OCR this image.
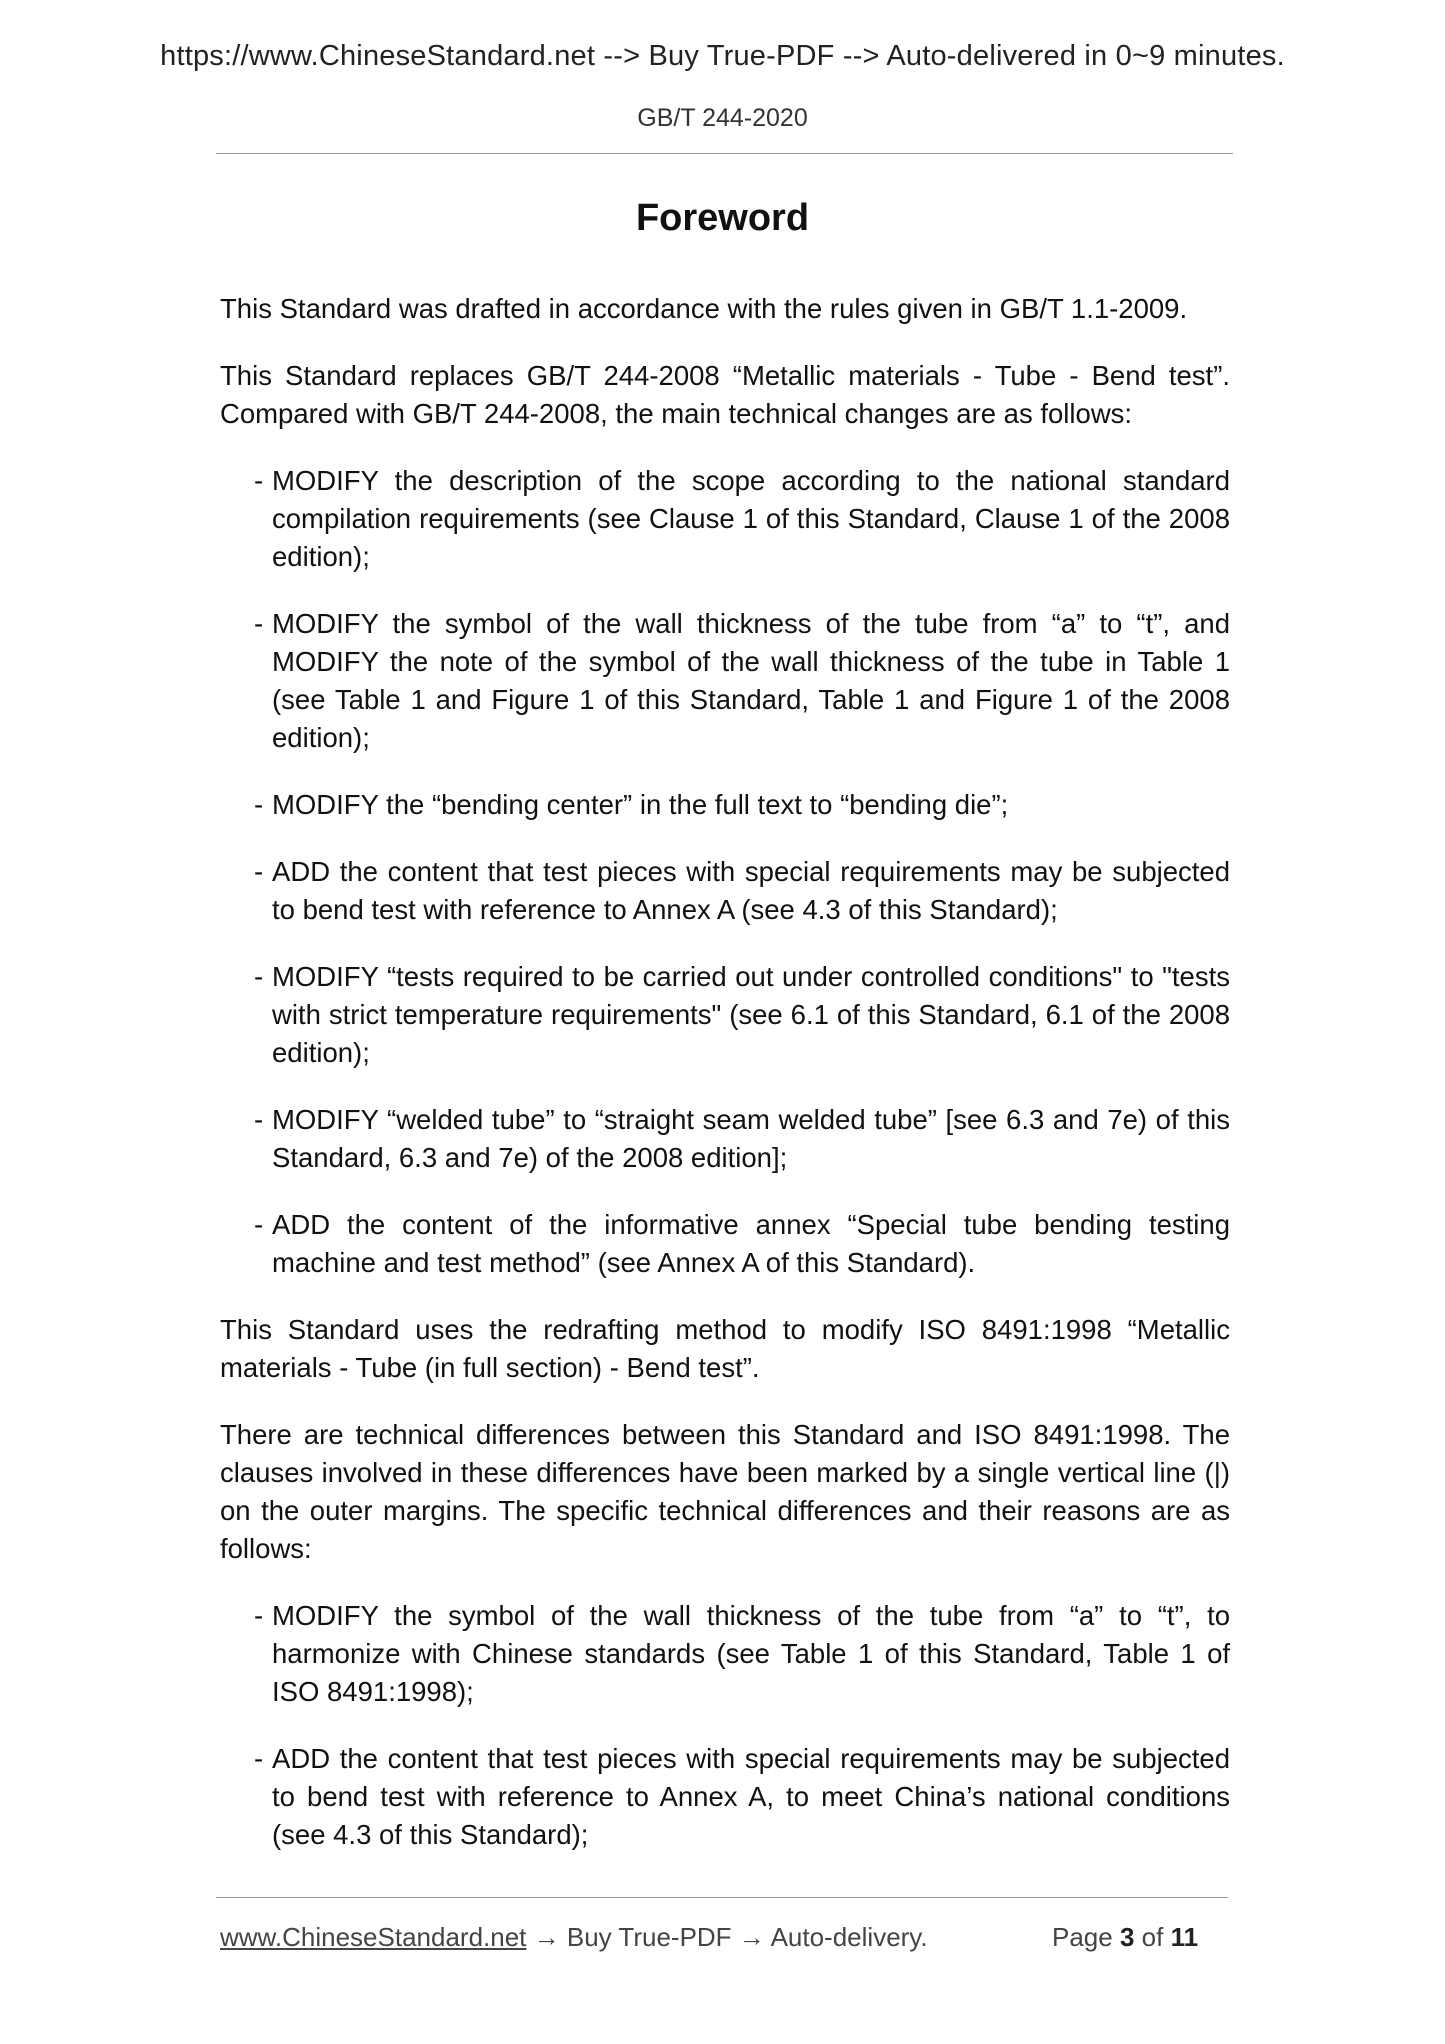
https://www.ChineseStandard.net --> Buy True-PDF --> Auto-delivered in 0~9 minutes.
GB/T 244-2020
Foreword

This Standard was drafted in accordance with the rules given in GB/T 1.1-2009.

This Standard replaces GB/T 244-2008 “Metallic materials - Tube - Bend test”. Compared with GB/T 244-2008, the main technical changes are as follows:

- MODIFY the description of the scope according to the national standard compilation requirements (see Clause 1 of this Standard, Clause 1 of the 2008 edition);
- MODIFY the symbol of the wall thickness of the tube from “a” to “t”, and MODIFY the note of the symbol of the wall thickness of the tube in Table 1 (see Table 1 and Figure 1 of this Standard, Table 1 and Figure 1 of the 2008 edition);
- MODIFY the “bending center” in the full text to “bending die”;
- ADD the content that test pieces with special requirements may be subjected to bend test with reference to Annex A (see 4.3 of this Standard);
- MODIFY “tests required to be carried out under controlled conditions" to "tests with strict temperature requirements" (see 6.1 of this Standard, 6.1 of the 2008 edition);
- MODIFY “welded tube” to “straight seam welded tube” [see 6.3 and 7e) of this Standard, 6.3 and 7e) of the 2008 edition];
- ADD the content of the informative annex “Special tube bending testing machine and test method” (see Annex A of this Standard).

This Standard uses the redrafting method to modify ISO 8491:1998 “Metallic materials - Tube (in full section) - Bend test”.

There are technical differences between this Standard and ISO 8491:1998. The clauses involved in these differences have been marked by a single vertical line (|) on the outer margins. The specific technical differences and their reasons are as follows:

- MODIFY the symbol of the wall thickness of the tube from “a” to “t”, to harmonize with Chinese standards (see Table 1 of this Standard, Table 1 of ISO 8491:1998);
- ADD the content that test pieces with special requirements may be subjected to bend test with reference to Annex A, to meet China’s national conditions (see 4.3 of this Standard);
www.ChineseStandard.net → Buy True-PDF → Auto-delivery.	Page 3 of 11
